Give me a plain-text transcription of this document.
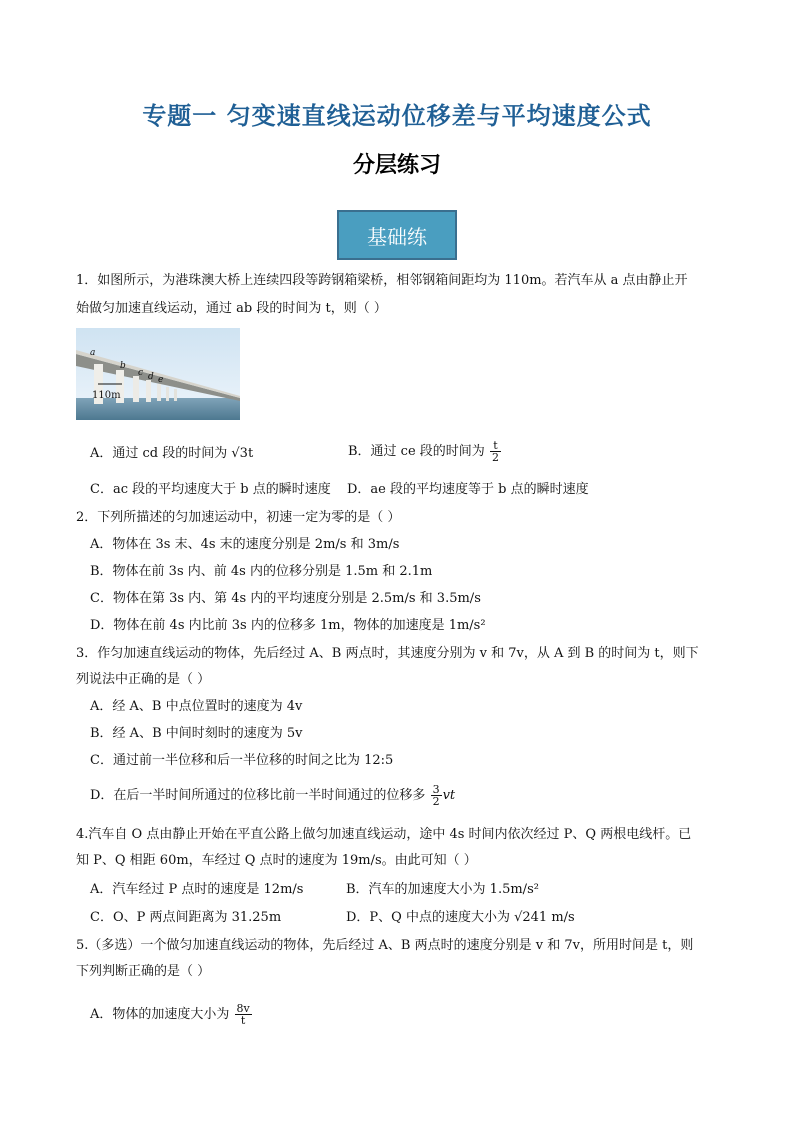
专题一 匀变速直线运动位移差与平均速度公式
分层练习
基础练
1．如图所示，为港珠澳大桥上连续四段等跨钢箱梁桥，相邻钢箱间距均为 110m。若汽车从 a 点由静止开
始做匀加速直线运动，通过 ab 段的时间为 t，则（ ）
a
b
c d e
110m
A．通过 cd 段的时间为 √3t	B．通过 ce 段的时间为 $\frac{t}{2}$
C．ac 段的平均速度大于 b 点的瞬时速度 D．ae 段的平均速度等于 b 点的瞬时速度
2．下列所描述的匀加速运动中，初速一定为零的是（ ）
A．物体在 3s 末、4s 末的速度分别是 2m/s 和 3m/s
B．物体在前 3s 内、前 4s 内的位移分别是 1.5m 和 2.1m
C．物体在第 3s 内、第 4s 内的平均速度分别是 2.5m/s 和 3.5m/s
D．物体在前 4s 内比前 3s 内的位移多 1m，物体的加速度是 1m/s²
3．作匀加速直线运动的物体，先后经过 A、B 两点时，其速度分别为 v 和 7v，从 A 到 B 的时间为 t，则下
列说法中正确的是（ ）
A．经 A、B 中点位置时的速度为 4v
B．经 A、B 中间时刻时的速度为 5v
C．通过前一半位移和后一半位移的时间之比为 12:5
D．在后一半时间所通过的位移比前一半时间通过的位移多 $\frac{3}{2}$ vt
4.汽车自 O 点由静止开始在平直公路上做匀加速直线运动，途中 4s 时间内依次经过 P、Q 两根电线杆。已
知 P、Q 相距 60m，车经过 Q 点时的速度为 19m/s。由此可知（ ）
A．汽车经过 P 点时的速度是 12m/s	B．汽车的加速度大小为 1.5m/s²
C．O、P 两点间距离为 31.25m	D．P、Q 中点的速度大小为 √241 m/s
5.（多选）一个做匀加速直线运动的物体，先后经过 A、B 两点时的速度分别是 v 和 7v，所用时间是 t，则
下列判断正确的是（ ）
A．物体的加速度大小为 $\frac{8v}{t}$
